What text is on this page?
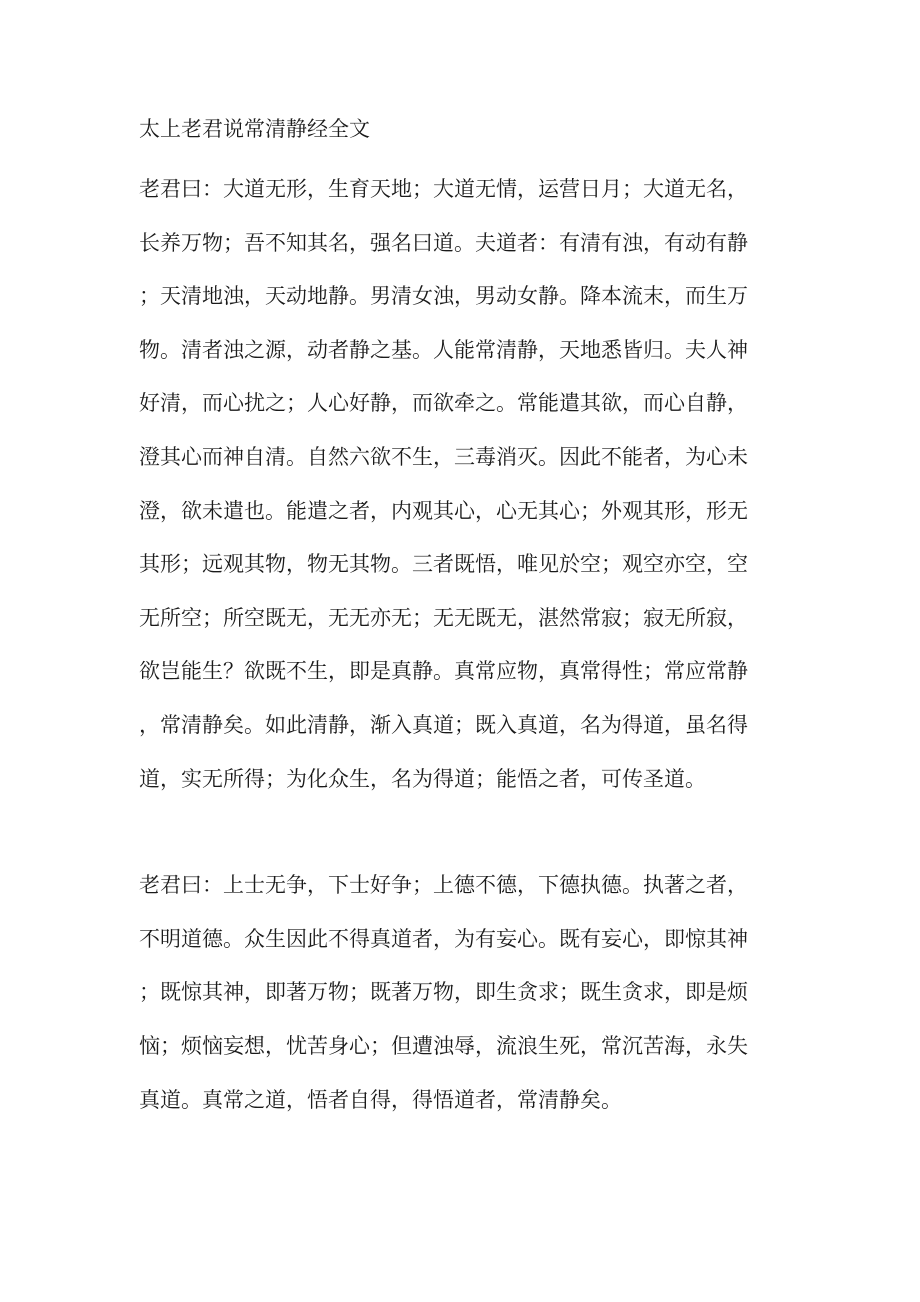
太上老君说常清静经全文
老君曰：大道无形，生育天地；大道无情，运营日月；大道无名，
长养万物；吾不知其名，强名曰道。夫道者：有清有浊，有动有静
；天清地浊，天动地静。男清女浊，男动女静。降本流末，而生万
物。清者浊之源，动者静之基。人能常清静，天地悉皆归。夫人神
好清，而心扰之；人心好静，而欲牵之。常能遣其欲，而心自静，
澄其心而神自清。自然六欲不生，三毒消灭。因此不能者，为心未
澄，欲未遣也。能遣之者，内观其心，心无其心；外观其形，形无
其形；远观其物，物无其物。三者既悟，唯见於空；观空亦空，空
无所空；所空既无，无无亦无；无无既无，湛然常寂；寂无所寂，
欲岂能生？欲既不生，即是真静。真常应物，真常得性；常应常静
，常清静矣。如此清静，渐入真道；既入真道，名为得道，虽名得
道，实无所得；为化众生，名为得道；能悟之者，可传圣道。
老君曰：上士无争，下士好争；上德不德，下德执德。执著之者，
不明道德。众生因此不得真道者，为有妄心。既有妄心，即惊其神
；既惊其神，即著万物；既著万物，即生贪求；既生贪求，即是烦
恼；烦恼妄想，忧苦身心；但遭浊辱，流浪生死，常沉苦海，永失
真道。真常之道，悟者自得，得悟道者，常清静矣。
